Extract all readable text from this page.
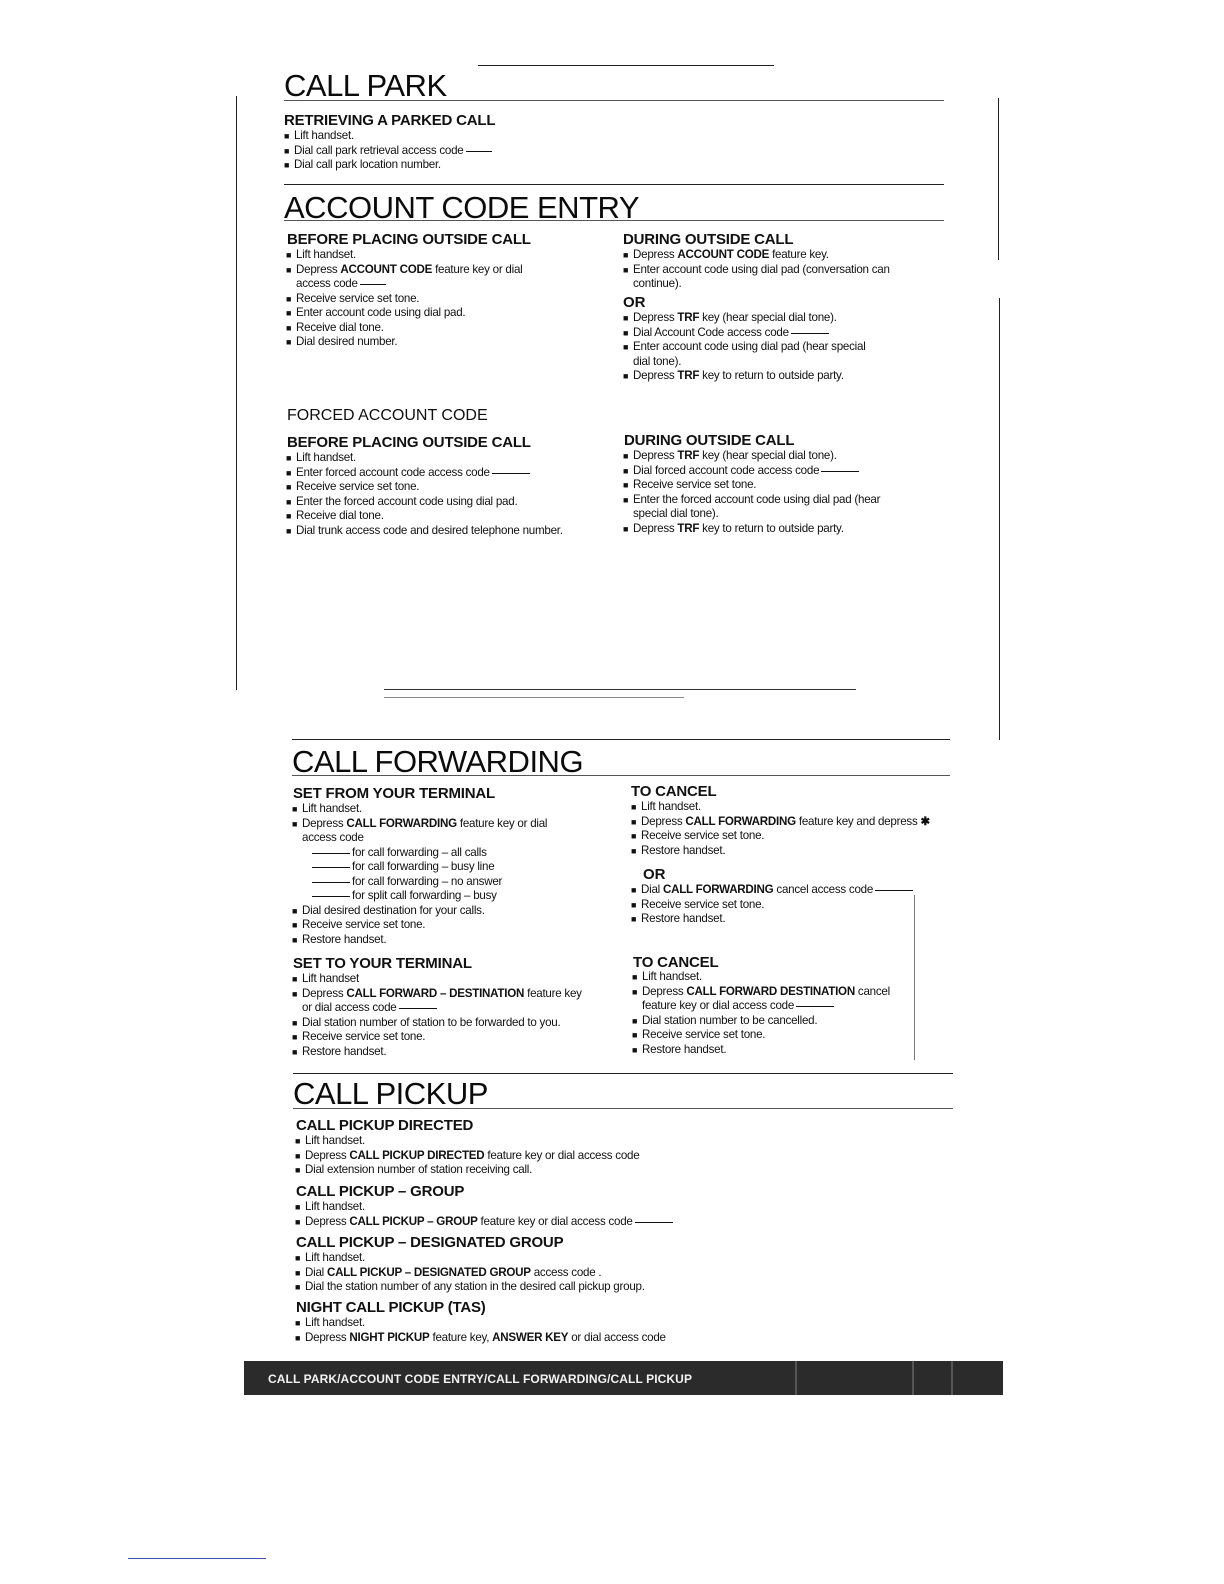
CALL PARK
RETRIEVING A PARKED CALL
■ Lift handset.
■ Dial call park retrieval access code
■ Dial call park location number.
ACCOUNT CODE ENTRY
BEFORE PLACING OUTSIDE CALL
■ Lift handset.
■ Depress ACCOUNT CODE feature key or dial
access code
■ Receive service set tone.
■ Enter account code using dial pad.
■ Receive dial tone.
■ Dial desired number.
DURING OUTSIDE CALL
■ Depress ACCOUNT CODE feature key.
■ Enter account code using dial pad (conversation can
continue).
OR
■ Depress TRF key (hear special dial tone).
■ Dial Account Code access code
■ Enter account code using dial pad (hear special
dial tone).
■ Depress TRF key to return to outside party.
FORCED ACCOUNT CODE
BEFORE PLACING OUTSIDE CALL
■ Lift handset.
■ Enter forced account code access code
■ Receive service set tone.
■ Enter the forced account code using dial pad.
■ Receive dial tone.
■ Dial trunk access code and desired telephone number.
DURING OUTSIDE CALL
■ Depress TRF key (hear special dial tone).
■ Dial forced account code access code
■ Receive service set tone.
■ Enter the forced account code using dial pad (hear
special dial tone).
■ Depress TRF key to return to outside party.
CALL FORWARDING
SET FROM YOUR TERMINAL
■ Lift handset.
■ Depress CALL FORWARDING feature key or dial
access code
for call forwarding – all calls
for call forwarding – busy line
for call forwarding – no answer
for split call forwarding – busy
■ Dial desired destination for your calls.
■ Receive service set tone.
■ Restore handset.
TO CANCEL
■ Lift handset.
■ Depress CALL FORWARDING feature key and depress ✱
■ Receive service set tone.
■ Restore handset.
OR
■ Dial CALL FORWARDING cancel access code
■ Receive service set tone.
■ Restore handset.
SET TO YOUR TERMINAL
■ Lift handset
■ Depress CALL FORWARD – DESTINATION feature key
or dial access code
■ Dial station number of station to be forwarded to you.
■ Receive service set tone.
■ Restore handset.
TO CANCEL
■ Lift handset.
■ Depress CALL FORWARD DESTINATION cancel
feature key or dial access code
■ Dial station number to be cancelled.
■ Receive service set tone.
■ Restore handset.
CALL PICKUP
CALL PICKUP DIRECTED
■ Lift handset.
■ Depress CALL PICKUP DIRECTED feature key or dial access code
■ Dial extension number of station receiving call.
CALL PICKUP – GROUP
■ Lift handset.
■ Depress CALL PICKUP – GROUP feature key or dial access code
CALL PICKUP – DESIGNATED GROUP
■ Lift handset.
■ Dial CALL PICKUP – DESIGNATED GROUP access code .
■ Dial the station number of any station in the desired call pickup group.
NIGHT CALL PICKUP (TAS)
■ Lift handset.
■ Depress NIGHT PICKUP feature key, ANSWER KEY or dial access code
CALL PARK/ACCOUNT CODE ENTRY/CALL FORWARDING/CALL PICKUP
